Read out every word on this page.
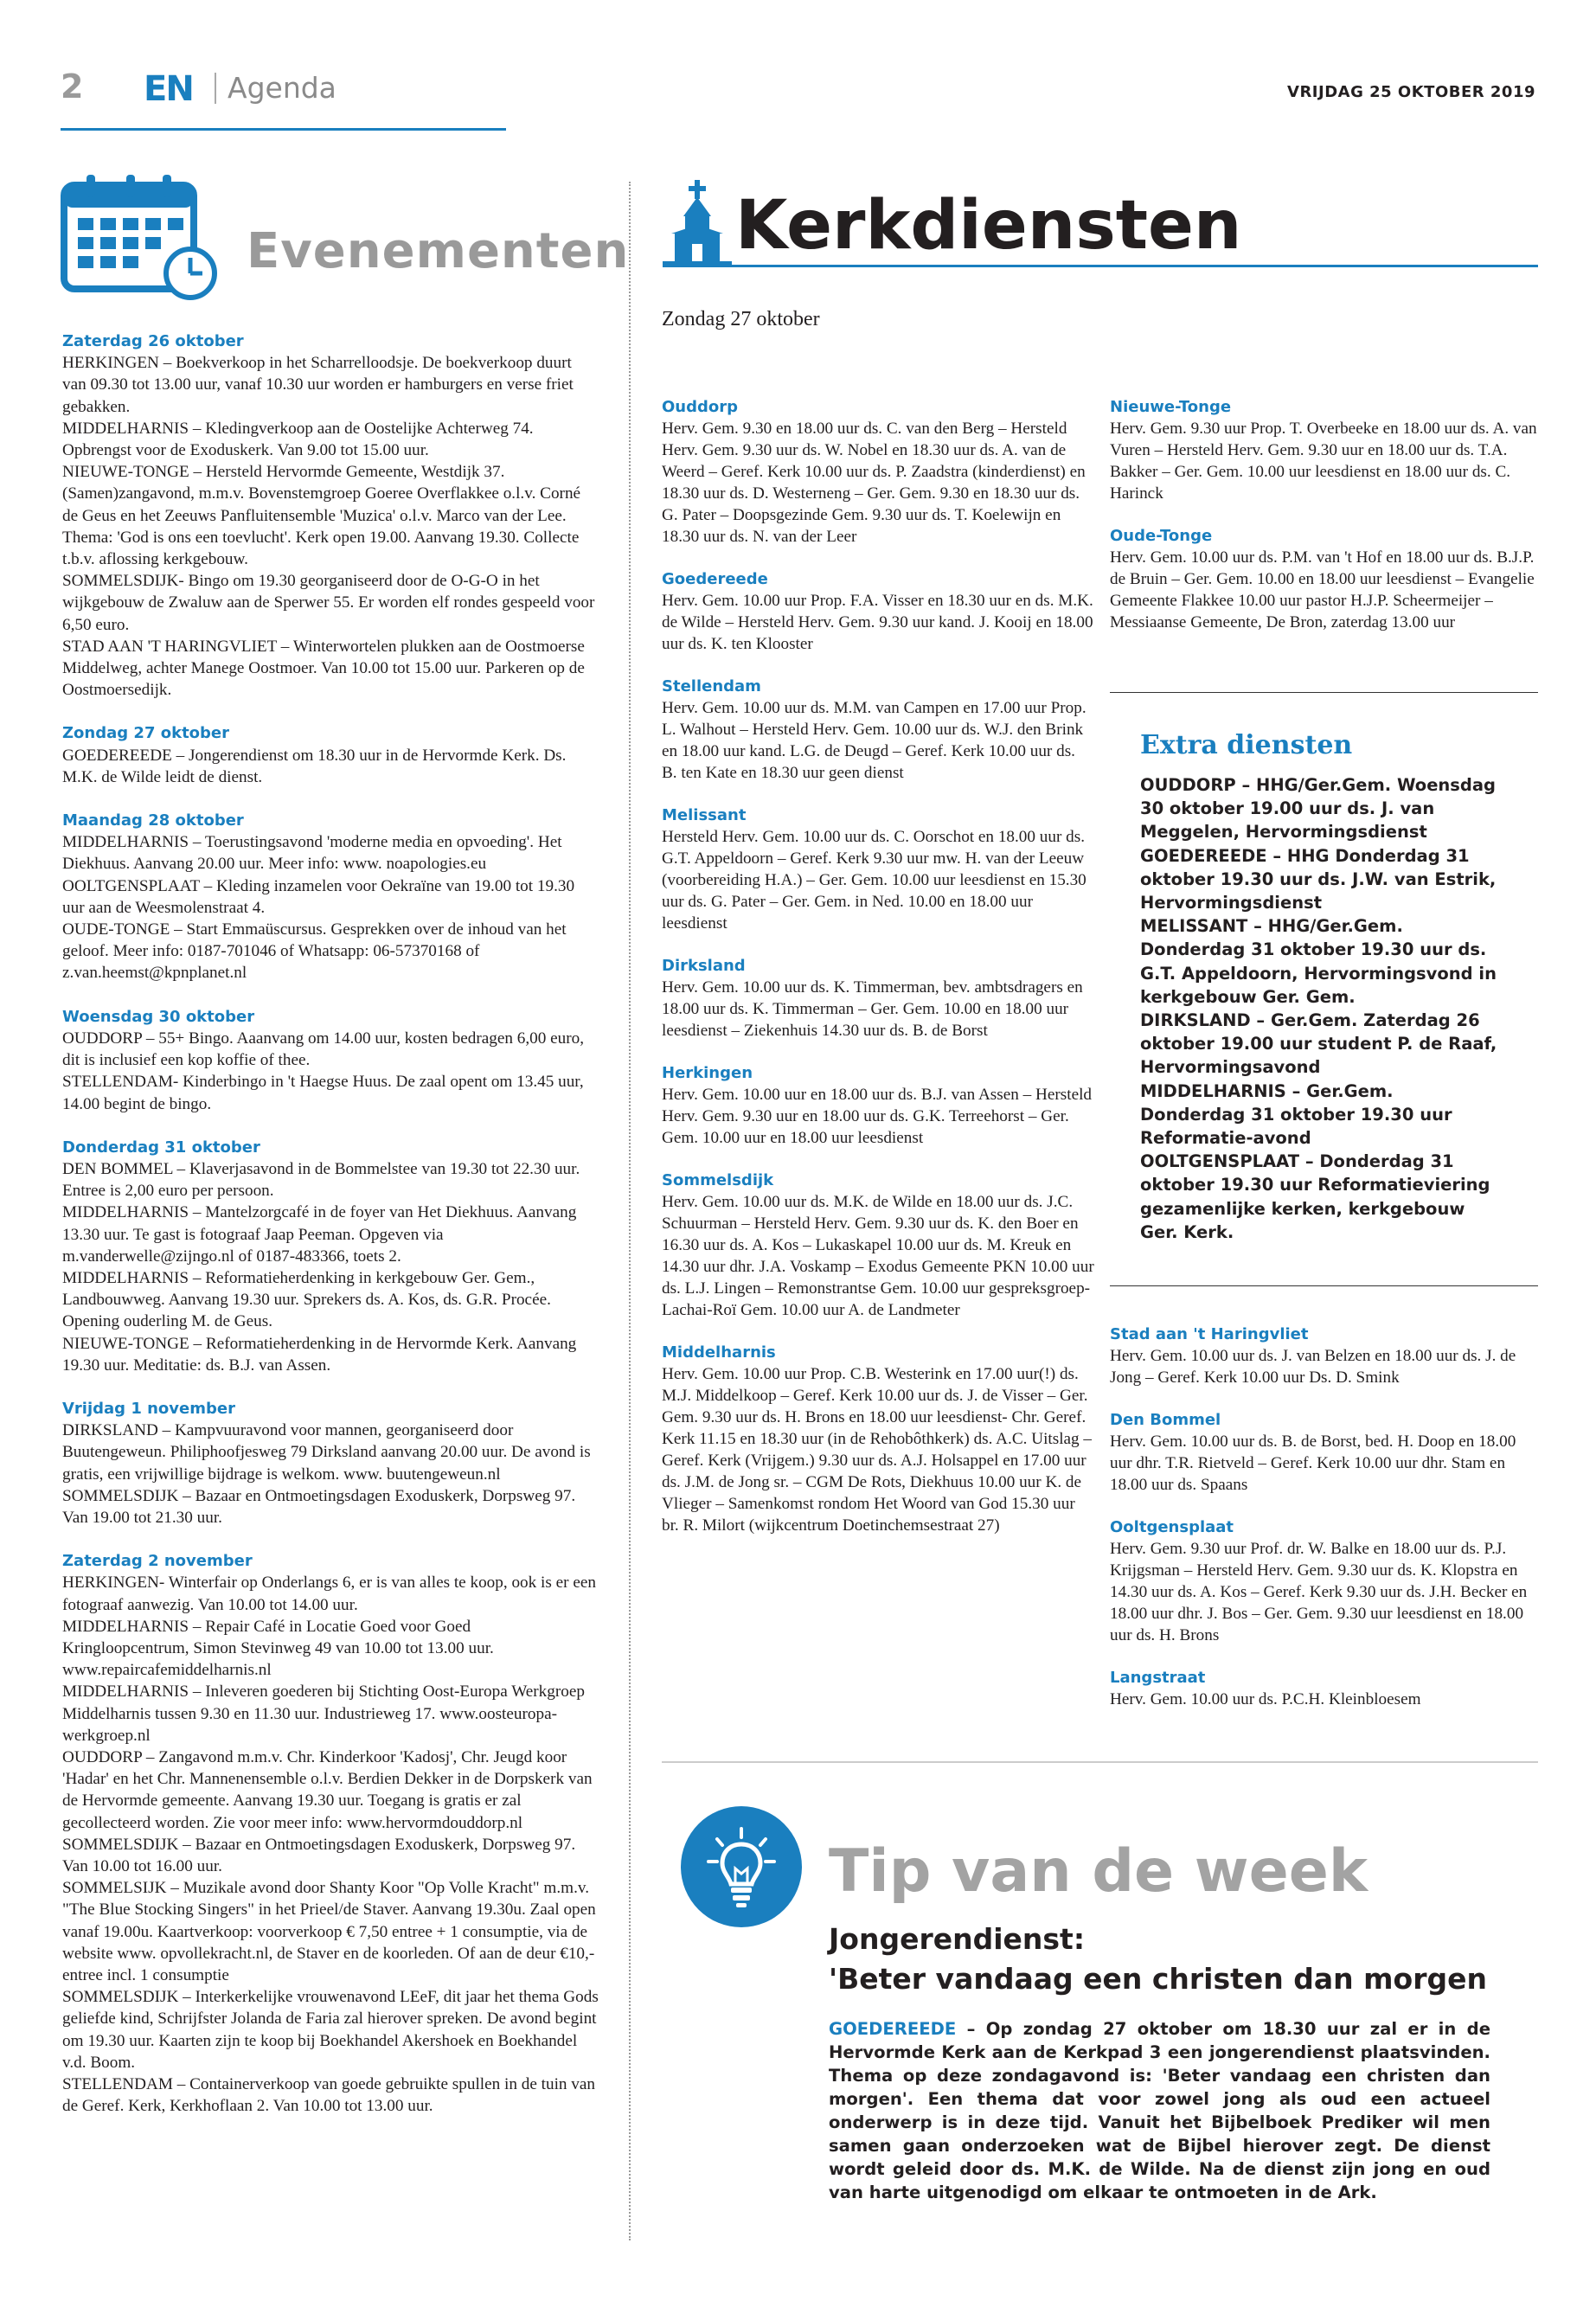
2 EN Agenda	VRIJDAG 25 OKTOBER 2019
Evenementen
Zaterdag 26 oktober
HERKINGEN – Boekverkoop in het Scharrelloodsje. De boekverkoop duurt van 09.30 tot 13.00 uur, vanaf 10.30 uur worden er hamburgers en verse friet gebakken.
MIDDELHARNIS – Kledingverkoop aan de Oostelijke Achterweg 74. Opbrengst voor de Exoduskerk. Van 9.00 tot 15.00 uur.
NIEUWE-TONGE – Hersteld Hervormde Gemeente, Westdijk 37. (Samen)zangavond, m.m.v. Bovenstemgroep Goeree Overflakkee o.l.v. Corné de Geus en het Zeeuws Panfluitensemble 'Muzica' o.l.v. Marco van der Lee. Thema: 'God is ons een toevlucht'. Kerk open 19.00. Aanvang 19.30. Collecte t.b.v. aflossing kerkgebouw.
SOMMELSDIJK- Bingo om 19.30 georganiseerd door de O-G-O in het wijkgebouw de Zwaluw aan de Sperwer 55. Er worden elf rondes gespeeld voor 6,50 euro.
STAD AAN 'T HARINGVLIET – Winterwortelen plukken aan de Oostmoerse Middelweg, achter Manege Oostmoer. Van 10.00 tot 15.00 uur. Parkeren op de Oostmoersedijk.
Zondag 27 oktober
GOEDEREEDE – Jongerendienst om 18.30 uur in de Hervormde Kerk. Ds. M.K. de Wilde leidt de dienst.
Maandag 28 oktober
MIDDELHARNIS – Toerustingsavond 'moderne media en opvoeding'. Het Diekhuus. Aanvang 20.00 uur. Meer info: www. noapologies.eu
OOLTGENSPLAAT – Kleding inzamelen voor Oekraïne van 19.00 tot 19.30 uur aan de Weesmolenstraat 4.
OUDE-TONGE – Start Emmaüscursus. Gesprekken over de inhoud van het geloof. Meer info: 0187-701046 of Whatsapp: 06-57370168 of z.van.heemst@kpnplanet.nl
Woensdag 30 oktober
OUDDORP – 55+ Bingo. Aaanvang om 14.00 uur, kosten bedragen 6,00 euro, dit is inclusief een kop koffie of thee.
STELLENDAM- Kinderbingo in 't Haegse Huus. De zaal opent om 13.45 uur, 14.00 begint de bingo.
Donderdag 31 oktober
DEN BOMMEL – Klaverjasavond in de Bommelstee van 19.30 tot 22.30 uur. Entree is 2,00 euro per persoon.
MIDDELHARNIS – Mantelzorgcafé in de foyer van Het Diekhuus. Aanvang 13.30 uur. Te gast is fotograaf Jaap Peeman. Opgeven via m.vanderwelle@zijngo.nl of 0187-483366, toets 2.
MIDDELHARNIS – Reformatieherdenking in kerkgebouw Ger. Gem., Landbouwweg. Aanvang 19.30 uur. Sprekers ds. A. Kos, ds. G.R. Procée. Opening ouderling M. de Geus.
NIEUWE-TONGE – Reformatieherdenking in de Hervormde Kerk. Aanvang 19.30 uur. Meditatie: ds. B.J. van Assen.
Vrijdag 1 november
DIRKSLAND – Kampvuuravond voor mannen, georganiseerd door Buutengeweun. Philiphoofjesweg 79 Dirksland aanvang 20.00 uur. De avond is gratis, een vrijwillige bijdrage is welkom. www. buutengeweun.nl
SOMMELSDIJK – Bazaar en Ontmoetingsdagen Exoduskerk, Dorpsweg 97. Van 19.00 tot 21.30 uur.
Zaterdag 2 november
HERKINGEN- Winterfair op Onderlangs 6, er is van alles te koop, ook is er een fotograaf aanwezig. Van 10.00 tot 14.00 uur.
MIDDELHARNIS – Repair Café in Locatie Goed voor Goed Kringloopcentrum, Simon Stevinweg 49 van 10.00 tot 13.00 uur. www.repaircafemiddelharnis.nl
MIDDELHARNIS – Inleveren goederen bij Stichting Oost-Europa Werkgroep Middelharnis tussen 9.30 en 11.30 uur. Industrieweg 17. www.oosteuropa-werkgroep.nl
OUDDORP – Zangavond m.m.v. Chr. Kinderkoor 'Kadosj', Chr. Jeugd koor 'Hadar' en het Chr. Mannenensemble o.l.v. Berdien Dekker in de Dorpskerk van de Hervormde gemeente. Aanvang 19.30 uur. Toegang is gratis er zal gecollecteerd worden. Zie voor meer info: www.hervormdouddorp.nl
SOMMELSDIJK – Bazaar en Ontmoetingsdagen Exoduskerk, Dorpsweg 97. Van 10.00 tot 16.00 uur.
SOMMELSIJK – Muzikale avond door Shanty Koor "Op Volle Kracht" m.m.v. "The Blue Stocking Singers" in het Prieel/de Staver. Aanvang 19.30u. Zaal open vanaf 19.00u. Kaartverkoop: voorverkoop € 7,50 entree + 1 consumptie, via de website www. opvollekracht.nl, de Staver en de koorleden. Of aan de deur €10,- entree incl. 1 consumptie
SOMMELSDIJK – Interkerkelijke vrouwenavond LEeF, dit jaar het thema Gods geliefde kind, Schrijfster Jolanda de Faria zal hierover spreken. De avond begint om 19.30 uur. Kaarten zijn te koop bij Boekhandel Akershoek en Boekhandel v.d. Boom.
STELLENDAM – Containerverkoop van goede gebruikte spullen in de tuin van de Geref. Kerk, Kerkhoflaan 2. Van 10.00 tot 13.00 uur.
Kerkdiensten
Zondag 27 oktober
Ouddorp
Herv. Gem. 9.30 en 18.00 uur ds. C. van den Berg – Hersteld Herv. Gem. 9.30 uur ds. W. Nobel en 18.30 uur ds. A. van de Weerd – Geref. Kerk 10.00 uur ds. P. Zaadstra (kinderdienst) en 18.30 uur ds. D. Westerneng – Ger. Gem. 9.30 en 18.30 uur ds. G. Pater – Doopsgezinde Gem. 9.30 uur ds. T. Koelewijn en 18.30 uur ds. N. van der Leer
Goedereede
Herv. Gem. 10.00 uur Prop. F.A. Visser en 18.30 uur en ds. M.K. de Wilde – Hersteld Herv. Gem. 9.30 uur kand. J. Kooij en 18.00 uur ds. K. ten Klooster
Stellendam
Herv. Gem. 10.00 uur ds. M.M. van Campen en 17.00 uur Prop. L. Walhout – Hersteld Herv. Gem. 10.00 uur ds. W.J. den Brink en 18.00 uur kand. L.G. de Deugd – Geref. Kerk 10.00 uur ds. B. ten Kate en 18.30 uur geen dienst
Melissant
Hersteld Herv. Gem. 10.00 uur ds. C. Oorschot en 18.00 uur ds. G.T. Appeldoorn – Geref. Kerk 9.30 uur mw. H. van der Leeuw (voorbereiding H.A.) – Ger. Gem. 10.00 uur leesdienst en 15.30 uur ds. G. Pater – Ger. Gem. in Ned. 10.00 en 18.00 uur leesdienst
Dirksland
Herv. Gem. 10.00 uur ds. K. Timmerman, bev. ambtsdragers en 18.00 uur ds. K. Timmerman – Ger. Gem. 10.00 en 18.00 uur leesdienst – Ziekenhuis 14.30 uur ds. B. de Borst
Herkingen
Herv. Gem. 10.00 uur en 18.00 uur ds. B.J. van Assen – Hersteld Herv. Gem. 9.30 uur en 18.00 uur ds. G.K. Terreehorst – Ger. Gem. 10.00 uur en 18.00 uur leesdienst
Sommelsdijk
Herv. Gem. 10.00 uur ds. M.K. de Wilde en 18.00 uur ds. J.C. Schuurman – Hersteld Herv. Gem. 9.30 uur ds. K. den Boer en 16.30 uur ds. A. Kos – Lukaskapel 10.00 uur ds. M. Kreuk en 14.30 uur dhr. J.A. Voskamp – Exodus Gemeente PKN 10.00 uur ds. L.J. Lingen – Remonstrantse Gem. 10.00 uur gespreksgroep- Lachai-Roï Gem. 10.00 uur A. de Landmeter
Middelharnis
Herv. Gem. 10.00 uur Prop. C.B. Westerink en 17.00 uur(!) ds. M.J. Middelkoop – Geref. Kerk 10.00 uur ds. J. de Visser – Ger. Gem. 9.30 uur ds. H. Brons en 18.00 uur leesdienst- Chr. Geref. Kerk 11.15 en 18.30 uur (in de Rehobôthkerk) ds. A.C. Uitslag – Geref. Kerk (Vrijgem.) 9.30 uur ds. A.J. Holsappel en 17.00 uur ds. J.M. de Jong sr. – CGM De Rots, Diekhuus 10.00 uur K. de Vlieger – Samenkomst rondom Het Woord van God 15.30 uur br. R. Milort (wijkcentrum Doetinchemsestraat 27)
Nieuwe-Tonge
Herv. Gem. 9.30 uur Prop. T. Overbeeke en 18.00 uur ds. A. van Vuren – Hersteld Herv. Gem. 9.30 uur en 18.00 uur ds. T.A. Bakker – Ger. Gem. 10.00 uur leesdienst en 18.00 uur ds. C. Harinck
Oude-Tonge
Herv. Gem. 10.00 uur ds. P.M. van 't Hof en 18.00 uur ds. B.J.P. de Bruin – Ger. Gem. 10.00 en 18.00 uur leesdienst – Evangelie Gemeente Flakkee 10.00 uur pastor H.J.P. Scheermeijer – Messiaanse Gemeente, De Bron, zaterdag 13.00 uur
Extra diensten
OUDDORP – HHG/Ger.Gem. Woensdag 30 oktober 19.00 uur ds. J. van Meggelen, Hervormingsdienst
GOEDEREEDE – HHG Donderdag 31 oktober 19.30 uur ds. J.W. van Estrik, Hervormingsdienst
MELISSANT – HHG/Ger.Gem. Donderdag 31 oktober 19.30 uur ds. G.T. Appeldoorn, Hervormingsvond in kerkgebouw Ger. Gem.
DIRKSLAND – Ger.Gem. Zaterdag 26 oktober 19.00 uur student P. de Raaf, Hervormingsavond
MIDDELHARNIS – Ger.Gem. Donderdag 31 oktober 19.30 uur Reformatie-avond
OOLTGENSPLAAT – Donderdag 31 oktober 19.30 uur Reformatieviering gezamenlijke kerken, kerkgebouw Ger. Kerk.
Stad aan 't Haringvliet
Herv. Gem. 10.00 uur ds. J. van Belzen en 18.00 uur ds. J. de Jong – Geref. Kerk 10.00 uur Ds. D. Smink
Den Bommel
Herv. Gem. 10.00 uur ds. B. de Borst, bed. H. Doop en 18.00 uur dhr. T.R. Rietveld – Geref. Kerk 10.00 uur dhr. Stam en 18.00 uur ds. Spaans
Ooltgensplaat
Herv. Gem. 9.30 uur Prof. dr. W. Balke en 18.00 uur ds. P.J. Krijgsman – Hersteld Herv. Gem. 9.30 uur ds. K. Klopstra en 14.30 uur ds. A. Kos – Geref. Kerk 9.30 uur ds. J.H. Becker en 18.00 uur dhr. J. Bos – Ger. Gem. 9.30 uur leesdienst en 18.00 uur ds. H. Brons
Langstraat
Herv. Gem. 10.00 uur ds. P.C.H. Kleinbloesem
Tip van de week
Jongerendienst:
'Beter vandaag een christen dan morgen
GOEDEREEDE – Op zondag 27 oktober om 18.30 uur zal er in de Hervormde Kerk aan de Kerkpad 3 een jongerendienst plaatsvinden. Thema op deze zondagavond is: 'Beter vandaag een christen dan morgen'. Een thema dat voor zowel jong als oud een actueel onderwerp is in deze tijd. Vanuit het Bijbelboek Prediker wil men samen gaan onderzoeken wat de Bijbel hierover zegt. De dienst wordt geleid door ds. M.K. de Wilde. Na de dienst zijn jong en oud van harte uitgenodigd om elkaar te ontmoeten in de Ark.
